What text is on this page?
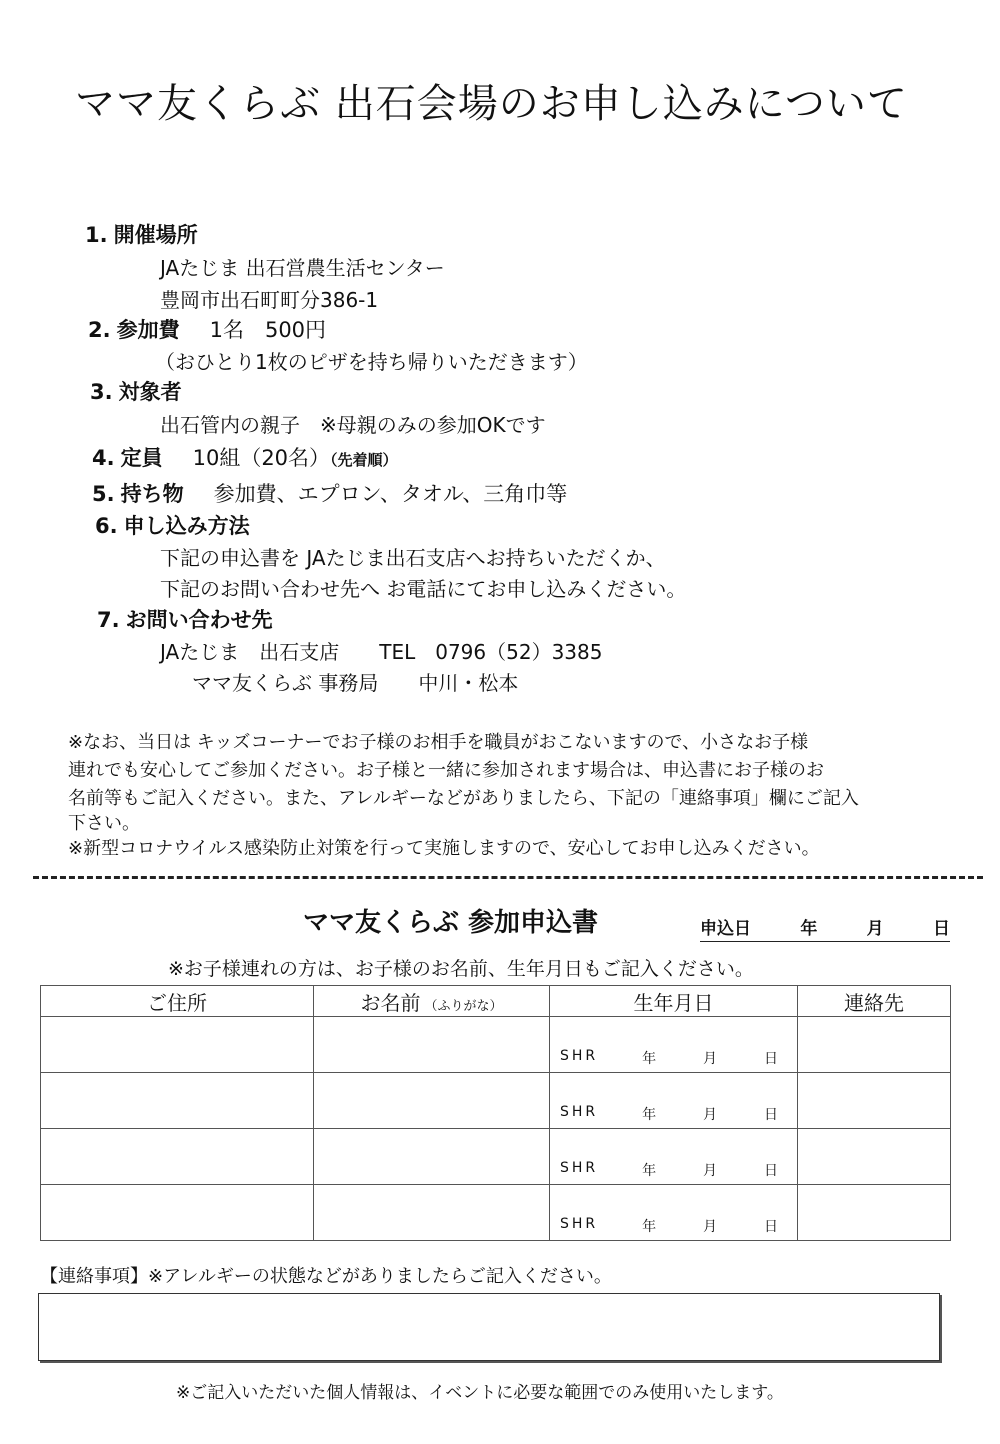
ママ友くらぶ 出石会場のお申し込みについて
1. 開催場所
JAたじま 出石営農生活センター
豊岡市出石町町分386-1
2. 参加費 1名　500円
（おひとり1枚のピザを持ち帰りいただきます）
3. 対象者
出石管内の親子　※母親のみの参加OKです
4. 定員 10組（20名）（先着順）
5. 持ち物 参加費、エプロン、タオル、三角巾等
6. 申し込み方法
下記の申込書を JAたじま出石支店へお持ちいただくか、
下記のお問い合わせ先へ お電話にてお申し込みください。
7. お問い合わせ先
JAたじま　出石支店　　TEL　0796（52）3385
ママ友くらぶ 事務局　　中川・松本
※なお、当日は キッズコーナーでお子様のお相手を職員がおこないますので、小さなお子様
連れでも安心してご参加ください。お子様と一緒に参加されます場合は、申込書にお子様のお
名前等もご記入ください。また、アレルギーなどがありましたら、下記の「連絡事項」欄にご記入
下さい。
※新型コロナウイルス感染防止対策を行って実施しますので、安心してお申し込みください。
ママ友くらぶ 参加申込書	申込日	年	月	日
※お子様連れの方は、お子様のお名前、生年月日もご記入ください。
ご住所	お名前 （ふりがな）	生年月日	連絡先

		SHR 年 月 日	

		SHR 年 月 日	

		SHR 年 月 日	

		SHR 年 月 日	

【連絡事項】※アレルギーの状態などがありましたらご記入ください。
※ご記入いただいた個人情報は、イベントに必要な範囲でのみ使用いたします。
